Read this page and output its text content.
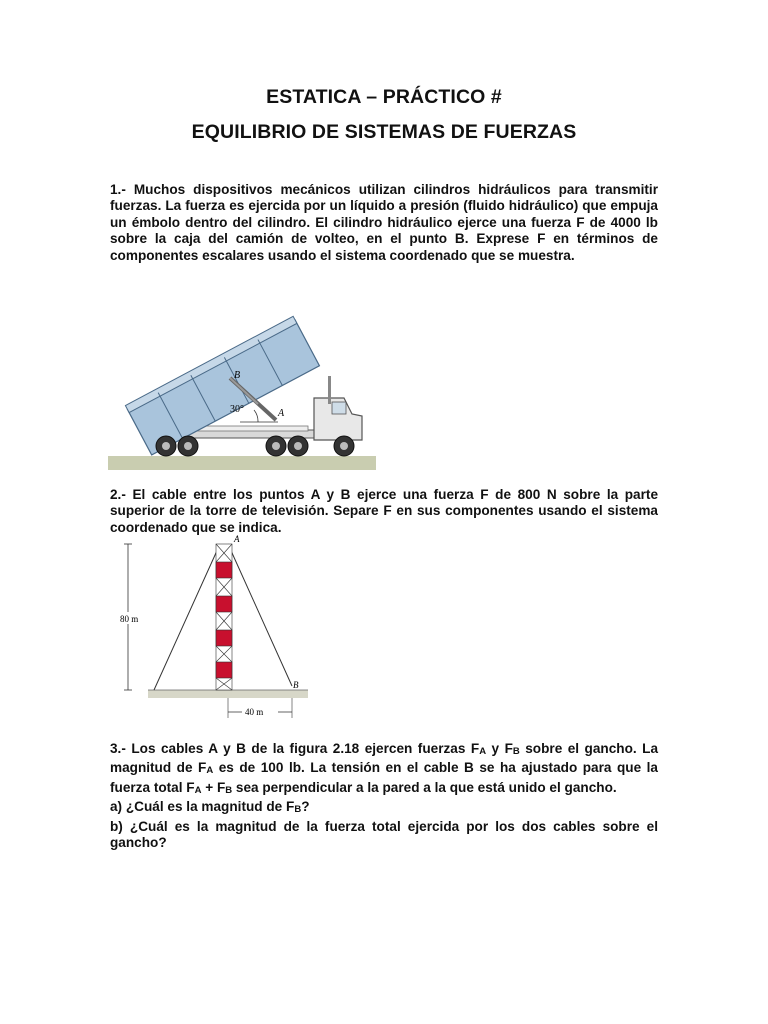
ESTATICA – PRÁCTICO #
EQUILIBRIO DE SISTEMAS DE FUERZAS
1.- Muchos dispositivos mecánicos utilizan cilindros hidráulicos para transmitir fuerzas. La fuerza es ejercida por un líquido a presión (fluido hidráulico) que empuja un émbolo dentro del cilindro. El cilindro hidráulico ejerce una fuerza F de 4000 lb sobre la caja del camión de volteo, en el punto B. Exprese F en términos de componentes escalares usando el sistema coordenado que se muestra.
30°
B
A
2.- El cable entre los puntos A y B ejerce una fuerza F de 800 N sobre la parte superior de la torre de televisión. Separe F en sus componentes usando el sistema coordenado que se indica.
A
B
80 m
40 m
3.- Los cables A y B de la figura 2.18 ejercen fuerzas $F_A$ y $F_B$ sobre el gancho. La magnitud de $F_A$ es de 100 lb. La tensión en el cable B se ha ajustado para que la fuerza total $F_A + F_B$ sea perpendicular a la pared a la que está unido el gancho.
a) ¿Cuál es la magnitud de $F_B$?
b) ¿Cuál es la magnitud de la fuerza total ejercida por los dos cables sobre el gancho?
